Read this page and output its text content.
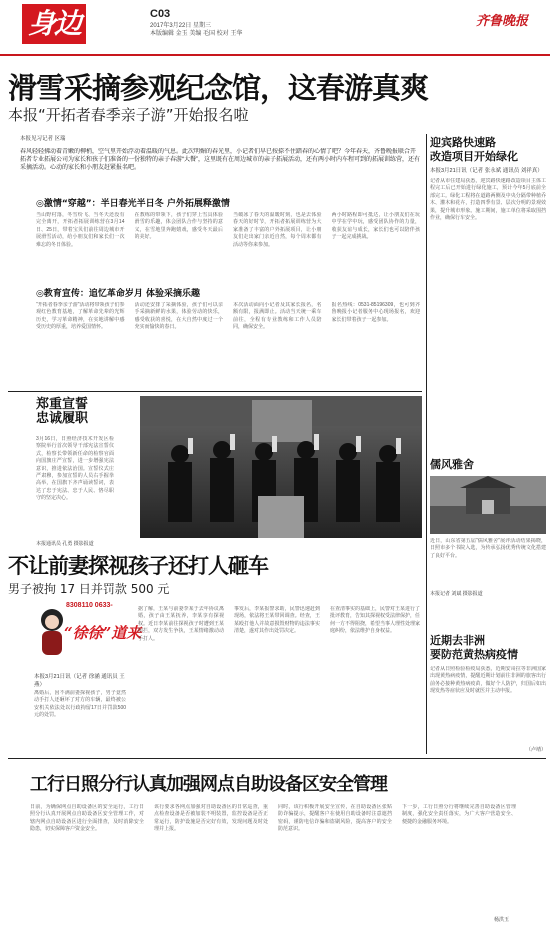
身边	C03
2017年3月22日 星期三
本版编辑 金玉 美编 毛国 校对 王华
齐鲁晚报
滑雪采摘参观纪念馆，这春游真爽
本报“开拓者春季亲子游”开始报名啦
本报见习记者 区瑞
春风轻轻拂动着青嫩的柳梢，空气里开始浮动着温暖的气息。此次明媚的春光里，小记者们早已按捺不住踏春的心情了吧？今年春天，齐鲁晚报联合开拓者专业拓展公司为家长和孩子们准备的一份独特的亲子春游“大餐”，这里既有在周边城市的亲子拓展活动，还有两小时内车程可到的拓展训练营，还有采摘活动。心动的家长和小朋友赶紧报名吧。
◎激情“穿越”：半日春光半日冬 户外拓展释激情
当山野村落，冬雪纷飞、当冬天还没有完全离开，开拓者拓展训练营在3月14日、25日，带着宝贝们前往周边城市开展滑雪活动，给小朋友们和家长们一次难忘的冬日体验。
在教练的带领下，孩子们穿上雪具体验滑雪的乐趣，体会团队合作与坚持的意义，在雪地里奔跑嬉戏，感受冬天最后的美好。
当破冰了春天的温暖时刻，也是去体验春天的好时节，开拓者拓展训练营为大家准备了丰富的户外拓展项目，让小朋友们走出家门亲近自然，每个周末都有活动等你来参加。
两小时路程即可抵达，让小朋友们在玩中学在学中玩，感受团队协作的力量，收获友谊与成长，家长们也可以陪伴孩子一起完成挑战。
◎教育宣传：追忆革命岁月 体验采摘乐趣
“开拓者春季亲子游”活动将带领孩子们参观红色教育基地，了解革命先辈的光辉历史，学习革命精神，在实地讲解中感受历史的厚重，培养爱国情怀。
活动还安排了采摘体验，孩子们可以亲手采摘新鲜的水果，体验劳动的快乐，感受收获的喜悦，在大自然中度过一个充实而愉快的春日。
本次活动面向小记者及其家长报名，名额有限，报满即止。活动当天统一乘车前往，全程有专业教练和工作人员陪同，确保安全。
报名热线：0531-85196309，也可到齐鲁晚报小记者服务中心现场报名，欢迎家长们带着孩子一起参加。
郑重宣誓
忠诚履职
3月16日，日照经济技术开发区检察院举行首次领导干部宪法宣誓仪式，检察长带领新任命的检察官面向国旗庄严宣誓，进一步增强宪法意识，推进依法治国。宣誓仪式庄严肃穆，参加宣誓的人员右手握拳高举，在国旗下齐声诵读誓词，表达了忠于宪法、忠于人民、恪尽职守的坚定决心。
本报通讯员 孔勇 摄影报道
不让前妻探视孩子还打人砸车
男子被拘 17 日并罚款 500 元
8308110 0633-
“徐徐”道来
本报3月21日讯（记者 徐涵 通讯员 王燕）
离婚后，因不满前妻探视孩子，男子竟然动手打人还砸坏了对方的车辆，最终被公安机关依法处以行政拘留17日并罚款500元的处罚。
据了解，王某与前妻李某于去年协议离婚，孩子由王某抚养，李某享有探视权。近日李某前往探视孩子时遭到王某阻拦，双方发生争执，王某情绪激动动手打人。
事发后，李某报警求助，民警迅速赶到现场，依法将王某带回调查。经查，王某殴打他人并故意损毁财物的违法事实清楚，遂对其作出处罚决定。
在查清事实的基础上，民警对王某进行了批评教育，告知其探视权受法律保护，任何一方不得阻挠，希望当事人理性处理家庭纠纷，依法维护自身权益。
工行日照分行认真加强网点自助设备区安全管理
日前，为确保网点自助设备区的安全运行，工行日照分行认真开展网点自助设备区安全管理工作，对辖内网点自助设备区进行全面排查，及时消除安全隐患，切实保障客户资金安全。
该行要求各网点加强对自助设备区的日常巡查，重点检查设备是否被加装不明装置，监控设备是否正常运行，防护设施是否完好有效，发现问题及时处理并上报。
同时，该行积极开展安全宣传，在自助设备区张贴防诈骗提示，提醒客户在使用自助设备时注意遮挡密码，谨防电信诈骗和盗刷风险，提高客户的安全防范意识。
下一步，工行日照分行将继续完善自助设备区管理制度，强化安全责任落实，为广大客户营造安全、便捷的金融服务环境。
杨洪玉
迎宾路快速路
改造项目开始绿化
本报3月21日讯（记者 张永斌 通讯员 刘祥真）
记者从市住建局获悉，迎宾路快速路改造项目主体工程完工后已开始进行绿化施工，预计今年5月底前全部完工。绿化工程将在道路两侧及中央分隔带种植乔木、灌木和花卉，打造四季有景、层次分明的景观效果，提升城市形象。施工期间，施工单位将采取围挡作业，确保行车安全。
儒风雅舍
近日，山东省第五届“儒风雅舍”展评活动结果揭晓，日照市多个书院入选，为传承弘扬优秀传统文化搭建了良好平台。
本报记者 刘斌 摄影报道
近期去非洲
要防范黄热病疫情
记者从日照检验检疫局获悉，近期安哥拉等非洲国家出现黄热病疫情，提醒近期计划前往非洲的旅客出行前务必接种黄热病疫苗，做好个人防护，归国后如出现发热等症状应及时就医并主动申报。
（卢靖）
